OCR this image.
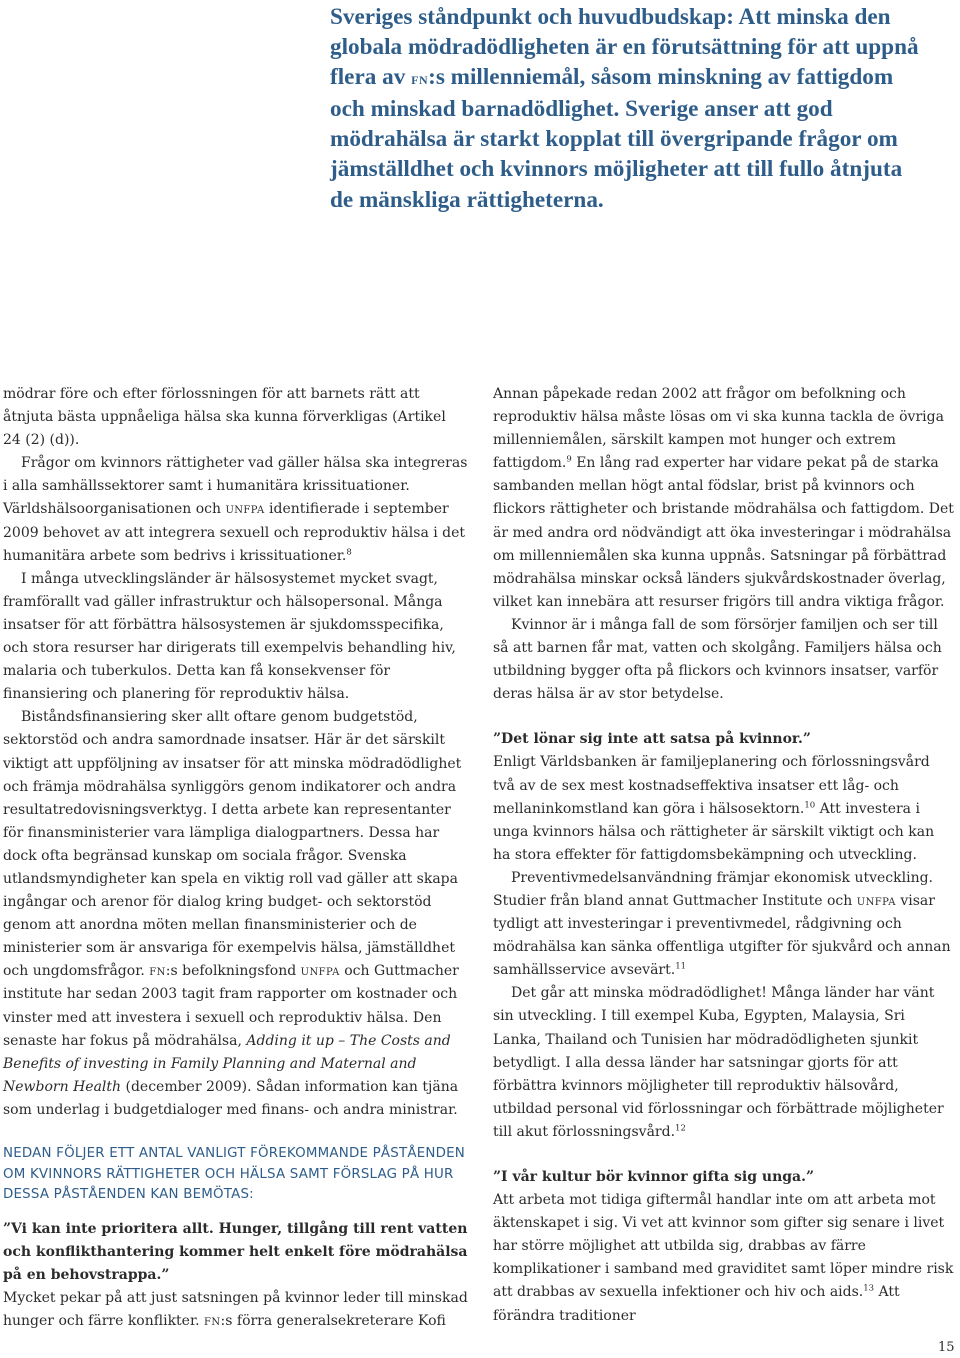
Sveriges ståndpunkt och huvudbudskap: Att minska den globala mödradödligheten är en förutsättning för att uppnå flera av fn:s millenniemål, såsom minskning av fattigdom och minskad barnadödlighet. Sverige anser att god mödrahälsa är starkt kopplat till övergripande frågor om jämställdhet och kvinnors möjligheter att till fullo åtnjuta de mänskliga rättigheterna.

mödrar före och efter förlossningen för att barnets rätt att åtnjuta bästa uppnåeliga hälsa ska kunna förverkligas (Artikel 24 (2) (d)).

Frågor om kvinnors rättigheter vad gäller hälsa ska integreras i alla samhällssektorer samt i humanitära krissituationer. Världshälsoorganisationen och unfpa identifierade i september 2009 behovet av att integrera sexuell och reproduktiv hälsa i det humanitära arbete som bedrivs i krissituationer.$^8$

I många utvecklingsländer är hälsosystemet mycket svagt, framförallt vad gäller infrastruktur och hälsopersonal. Många insatser för att förbättra hälsosystemen är sjukdomsspecifika, och stora resurser har dirigerats till exempelvis behandling hiv, malaria och tuberkulos. Detta kan få konsekvenser för finansiering och planering för reproduktiv hälsa.

Biståndsfinansiering sker allt oftare genom budgetstöd, sektorstöd och andra samordnade insatser. Här är det särskilt viktigt att uppföljning av insatser för att minska mödradödlighet och främja mödrahälsa synliggörs genom indikatorer och andra resultatredovisningsverktyg. I detta arbete kan representanter för finansministerier vara lämpliga dialogpartners. Dessa har dock ofta begränsad kunskap om sociala frågor. Svenska utlandsmyndigheter kan spela en viktig roll vad gäller att skapa ingångar och arenor för dialog kring budget- och sektorstöd genom att anordna möten mellan finansministerier och de ministerier som är ansvariga för exempelvis hälsa, jämställdhet och ungdomsfrågor. fn:s befolkningsfond unfpa och Guttmacher institute har sedan 2003 tagit fram rapporter om kostnader och vinster med att investera i sexuell och reproduktiv hälsa. Den senaste har fokus på mödrahälsa, Adding it up – The Costs and Benefits of investing in Family Planning and Maternal and Newborn Health (december 2009). Sådan information kan tjäna som underlag i budgetdialoger med finans- och andra ministrar.

NEDAN FÖLJER ETT ANTAL VANLIGT FÖREKOMMANDE PÅSTÅENDEN OM KVINNORS RÄTTIGHETER OCH HÄLSA SAMT FÖRSLAG PÅ HUR DESSA PÅSTÅENDEN KAN BEMÖTAS:

”Vi kan inte prioritera allt. Hunger, tillgång till rent vatten och konflikthantering kommer helt enkelt före mödrahälsa på en behovstrappa.”

Mycket pekar på att just satsningen på kvinnor leder till minskad hunger och färre konflikter. fn:s förra generalsekreterare Kofi

Annan påpekade redan 2002 att frågor om befolkning och reproduktiv hälsa måste lösas om vi ska kunna tackla de övriga millenniemålen, särskilt kampen mot hunger och extrem fattigdom.$^9$ En lång rad experter har vidare pekat på de starka sambanden mellan högt antal födslar, brist på kvinnors och flickors rättigheter och bristande mödrahälsa och fattigdom. Det är med andra ord nödvändigt att öka investeringar i mödrahälsa om millenniemålen ska kunna uppnås. Satsningar på förbättrad mödrahälsa minskar också länders sjukvårdskostnader överlag, vilket kan innebära att resurser frigörs till andra viktiga frågor.

Kvinnor är i många fall de som försörjer familjen och ser till så att barnen får mat, vatten och skolgång. Familjers hälsa och utbildning bygger ofta på flickors och kvinnors insatser, varför deras hälsa är av stor betydelse.

”Det lönar sig inte att satsa på kvinnor.”

Enligt Världsbanken är familjeplanering och förlossningsvård två av de sex mest kostnadseffektiva insatser ett låg- och mellaninkomstland kan göra i hälsosektorn.$^{10}$ Att investera i unga kvinnors hälsa och rättigheter är särskilt viktigt och kan ha stora effekter för fattigdomsbekämpning och utveckling.

Preventivmedelsanvändning främjar ekonomisk utveckling. Studier från bland annat Guttmacher Institute och unfpa visar tydligt att investeringar i preventivmedel, rådgivning och mödrahälsa kan sänka offentliga utgifter för sjukvård och annan samhällsservice avsevärt.$^{11}$

Det går att minska mödradödlighet! Många länder har vänt sin utveckling. I till exempel Kuba, Egypten, Malaysia, Sri Lanka, Thailand och Tunisien har mödradödligheten sjunkit betydligt. I alla dessa länder har satsningar gjorts för att förbättra kvinnors möjligheter till reproduktiv hälsovård, utbildad personal vid förlossningar och förbättrade möjligheter till akut förlossningsvård.$^{12}$

”I vår kultur bör kvinnor gifta sig unga.”

Att arbeta mot tidiga giftermål handlar inte om att arbeta mot äktenskapet i sig. Vi vet att kvinnor som gifter sig senare i livet har större möjlighet att utbilda sig, drabbas av färre komplikationer i samband med graviditet samt löper mindre risk att drabbas av sexuella infektioner och hiv och aids.$^{13}$ Att förändra traditioner

15
